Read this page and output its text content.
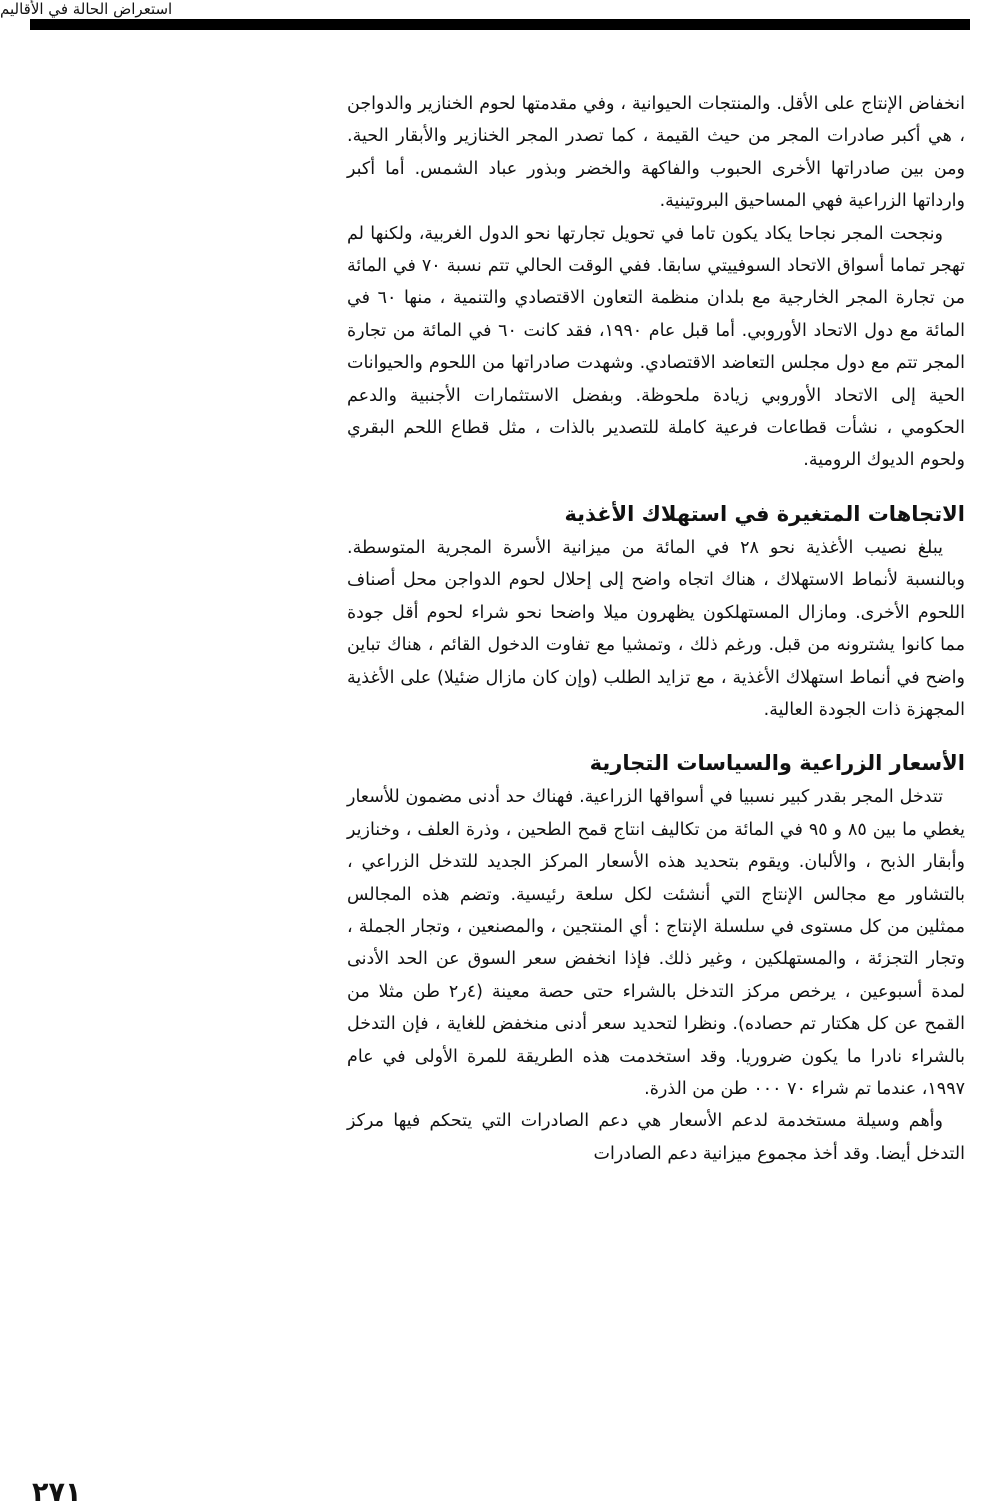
استعراض الحالة في الأقاليم

انخفاض الإنتاج على الأقل. والمنتجات الحيوانية ، وفي مقدمتها لحوم الخنازير والدواجن ، هي أكبر صادرات المجر من حيث القيمة ، كما تصدر المجر الخنازير والأبقار الحية. ومن بين صادراتها الأخرى الحبوب والفاكهة والخضر وبذور عباد الشمس. أما أكبر وارداتها الزراعية فهي المساحيق البروتينية.

ونجحت المجر نجاحا يكاد يكون تاما في تحويل تجارتها نحو الدول الغربية، ولكنها لم تهجر تماما أسواق الاتحاد السوفييتي سابقا. ففي الوقت الحالي تتم نسبة ٧٠ في المائة من تجارة المجر الخارجية مع بلدان منظمة التعاون الاقتصادي والتنمية ، منها ٦٠ في المائة مع دول الاتحاد الأوروبي. أما قبل عام ١٩٩٠، فقد كانت ٦٠ في المائة من تجارة المجر تتم مع دول مجلس التعاضد الاقتصادي. وشهدت صادراتها من اللحوم والحيوانات الحية إلى الاتحاد الأوروبي زيادة ملحوظة. وبفضل الاستثمارات الأجنبية والدعم الحكومي ، نشأت قطاعات فرعية كاملة للتصدير بالذات ، مثل قطاع اللحم البقري ولحوم الديوك الرومية.

الاتجاهات المتغيرة في استهلاك الأغذية

يبلغ نصيب الأغذية نحو ٢٨ في المائة من ميزانية الأسرة المجرية المتوسطة. وبالنسبة لأنماط الاستهلاك ، هناك اتجاه واضح إلى إحلال لحوم الدواجن محل أصناف اللحوم الأخرى. ومازال المستهلكون يظهرون ميلا واضحا نحو شراء لحوم أقل جودة مما كانوا يشترونه من قبل. ورغم ذلك ، وتمشيا مع تفاوت الدخول القائم ، هناك تباين واضح في أنماط استهلاك الأغذية ، مع تزايد الطلب (وإن كان مازال ضئيلا) على الأغذية المجهزة ذات الجودة العالية.

الأسعار الزراعية والسياسات التجارية

تتدخل المجر بقدر كبير نسبيا في أسواقها الزراعية. فهناك حد أدنى مضمون للأسعار يغطي ما بين ٨٥ و ٩٥ في المائة من تكاليف انتاج قمح الطحين ، وذرة العلف ، وخنازير وأبقار الذبح ، والألبان. ويقوم بتحديد هذه الأسعار المركز الجديد للتدخل الزراعي ، بالتشاور مع مجالس الإنتاج التي أنشئت لكل سلعة رئيسية. وتضم هذه المجالس ممثلين من كل مستوى في سلسلة الإنتاج : أي المنتجين ، والمصنعين ، وتجار الجملة ، وتجار التجزئة ، والمستهلكين ، وغير ذلك. فإذا انخفض سعر السوق عن الحد الأدنى لمدة أسبوعين ، يرخص مركز التدخل بالشراء حتى حصة معينة (٤ر٢ طن مثلا من القمح عن كل هكتار تم حصاده). ونظرا لتحديد سعر أدنى منخفض للغاية ، فإن التدخل بالشراء نادرا ما يكون ضروريا. وقد استخدمت هذه الطريقة للمرة الأولى في عام ١٩٩٧، عندما تم شراء ٧٠ ٠٠٠ طن من الذرة.

وأهم وسيلة مستخدمة لدعم الأسعار هي دعم الصادرات التي يتحكم فيها مركز التدخل أيضا. وقد أخذ مجموع ميزانية دعم الصادرات

٢٧١
